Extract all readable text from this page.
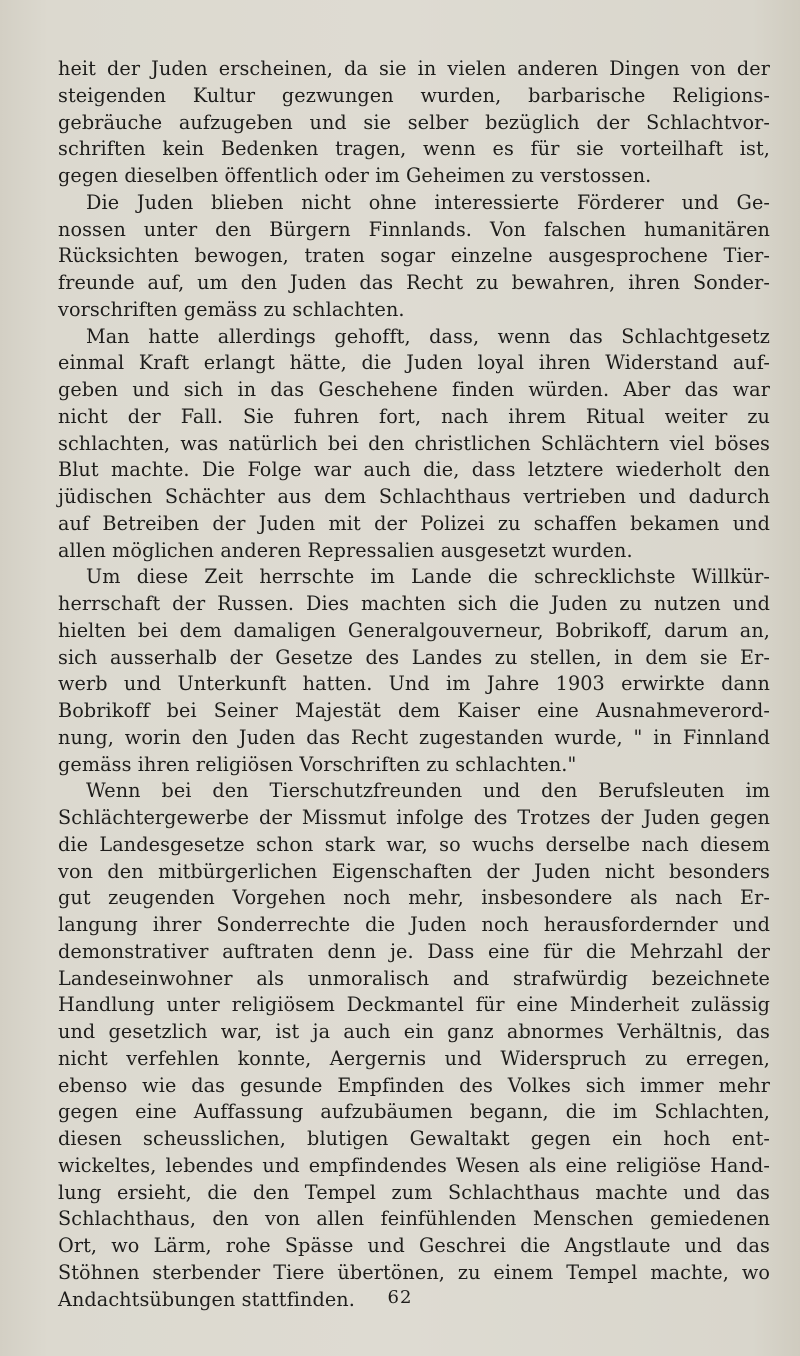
heit der Juden erscheinen, da sie in vielen anderen Dingen von der
steigenden Kultur gezwungen wurden, barbarische Religions-
gebräuche aufzugeben und sie selber bezüglich der Schlachtvor-
schriften kein Bedenken tragen, wenn es für sie vorteilhaft ist,
gegen dieselben öffentlich oder im Geheimen zu verstossen.
Die Juden blieben nicht ohne interessierte Förderer und Ge-
nossen unter den Bürgern Finnlands. Von falschen humanitären
Rücksichten bewogen, traten sogar einzelne ausgesprochene Tier-
freunde auf, um den Juden das Recht zu bewahren, ihren Sonder-
vorschriften gemäss zu schlachten.
Man hatte allerdings gehofft, dass, wenn das Schlachtgesetz
einmal Kraft erlangt hätte, die Juden loyal ihren Widerstand auf-
geben und sich in das Geschehene finden würden. Aber das war
nicht der Fall. Sie fuhren fort, nach ihrem Ritual weiter zu
schlachten, was natürlich bei den christlichen Schlächtern viel böses
Blut machte. Die Folge war auch die, dass letztere wiederholt den
jüdischen Schächter aus dem Schlachthaus vertrieben und dadurch
auf Betreiben der Juden mit der Polizei zu schaffen bekamen und
allen möglichen anderen Repressalien ausgesetzt wurden.
Um diese Zeit herrschte im Lande die schrecklichste Willkür-
herrschaft der Russen. Dies machten sich die Juden zu nutzen und
hielten bei dem damaligen Generalgouverneur, Bobrikoff, darum an,
sich ausserhalb der Gesetze des Landes zu stellen, in dem sie Er-
werb und Unterkunft hatten. Und im Jahre 1903 erwirkte dann
Bobrikoff bei Seiner Majestät dem Kaiser eine Ausnahmeverord-
nung, worin den Juden das Recht zugestanden wurde, " in Finnland
gemäss ihren religiösen Vorschriften zu schlachten."
Wenn bei den Tierschutzfreunden und den Berufsleuten im
Schlächtergewerbe der Missmut infolge des Trotzes der Juden gegen
die Landesgesetze schon stark war, so wuchs derselbe nach diesem
von den mitbürgerlichen Eigenschaften der Juden nicht besonders
gut zeugenden Vorgehen noch mehr, insbesondere als nach Er-
langung ihrer Sonderrechte die Juden noch herausfordernder und
demonstrativer auftraten denn je. Dass eine für die Mehrzahl der
Landeseinwohner als unmoralisch and strafwürdig bezeichnete
Handlung unter religiösem Deckmantel für eine Minderheit zulässig
und gesetzlich war, ist ja auch ein ganz abnormes Verhältnis, das
nicht verfehlen konnte, Aergernis und Widerspruch zu erregen,
ebenso wie das gesunde Empfinden des Volkes sich immer mehr
gegen eine Auffassung aufzubäumen begann, die im Schlachten,
diesen scheusslichen, blutigen Gewaltakt gegen ein hoch ent-
wickeltes, lebendes und empfindendes Wesen als eine religiöse Hand-
lung ersieht, die den Tempel zum Schlachthaus machte und das
Schlachthaus, den von allen feinfühlenden Menschen gemiedenen
Ort, wo Lärm, rohe Spässe und Geschrei die Angstlaute und das
Stöhnen sterbender Tiere übertönen, zu einem Tempel machte, wo
Andachtsübungen stattfinden.	62
